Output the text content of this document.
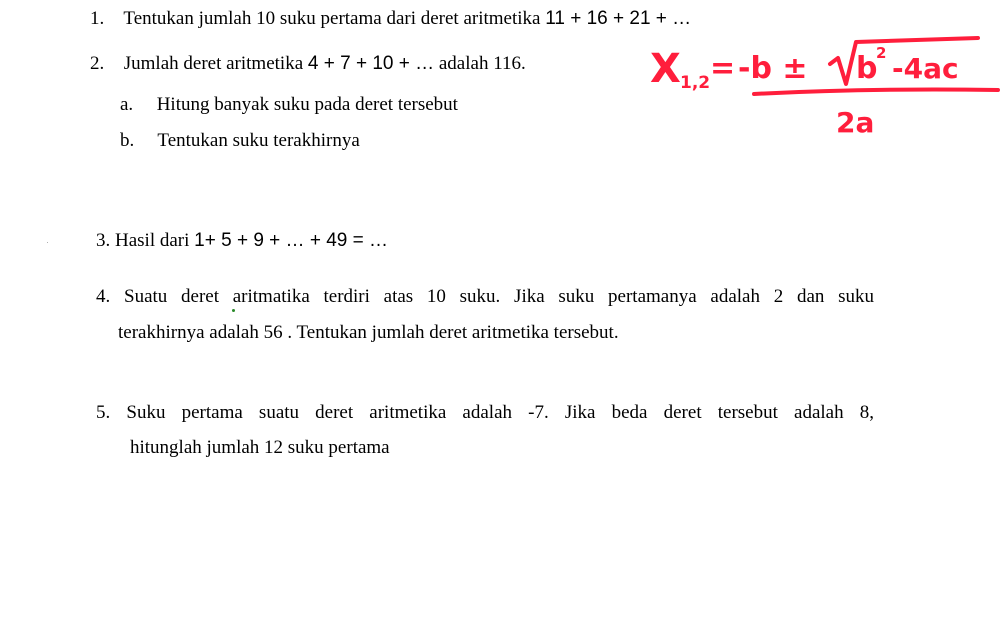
1. Tentukan jumlah 10 suku pertama dari deret aritmetika 11 + 16 + 21 + …
2. Jumlah deret aritmetika 4 + 7 + 10 + … adalah 116.
a. Hitung banyak suku pada deret tersebut
b. Tentukan suku terakhirnya
3. Hasil dari 1+ 5 + 9 + … + 49 = …
4. Suatu deret aritmatika terdiri atas 10 suku. Jika suku pertamanya adalah 2 dan suku
terakhirnya adalah 56 . Tentukan jumlah deret aritmetika tersebut.
5. Suku pertama suatu deret aritmetika adalah -7. Jika beda deret tersebut adalah 8,
hitunglah jumlah 12 suku pertama
X 1,2 = -b ± b
2 -4ac
2a
